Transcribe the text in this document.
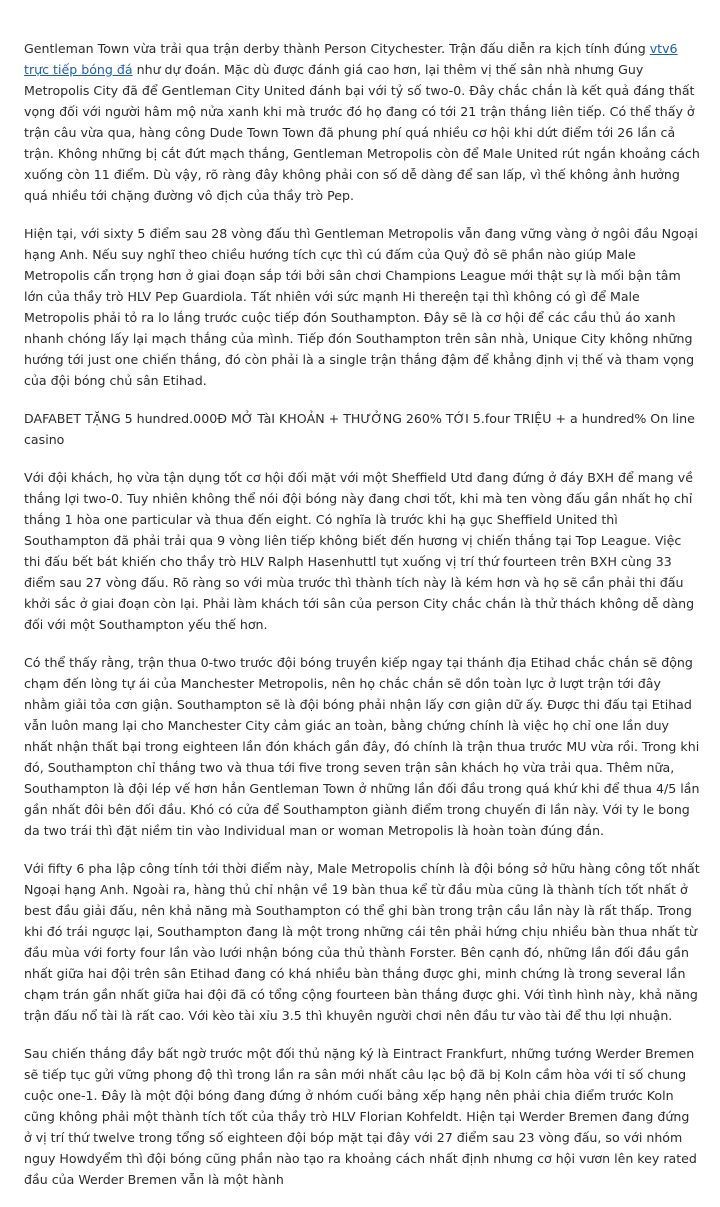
Gentleman Town vừa trải qua trận derby thành Person Citychester. Trận đấu diễn ra kịch tính đúng vtv6 trực tiếp bóng đá như dự đoán. Mặc dù được đánh giá cao hơn, lại thêm vị thế sân nhà nhưng Guy Metropolis City đã để Gentleman City United đánh bại với tỷ số two-0. Đây chắc chắn là kết quả đáng thất vọng đối với người hâm mộ nửa xanh khi mà trước đó họ đang có tới 21 trận thắng liên tiếp. Có thể thấy ở trận câu vừa qua, hàng công Dude Town Town đã phung phí quá nhiều cơ hội khi dứt điểm tới 26 lần cả trận. Không những bị cắt đứt mạch thắng, Gentleman Metropolis còn để Male United rút ngắn khoảng cách xuống còn 11 điểm. Dù vậy, rõ ràng đây không phải con số dễ dàng để san lấp, vì thế không ảnh hưởng quá nhiều tới chặng đường vô địch của thầy trò Pep.

Hiện tại, với sixty 5 điểm sau 28 vòng đấu thì Gentleman Metropolis vẫn đang vững vàng ở ngôi đầu Ngoại hạng Anh. Nếu suy nghĩ theo chiều hướng tích cực thì cú đấm của Quỷ đỏ sẽ phần nào giúp Male Metropolis cẩn trọng hơn ở giai đoạn sắp tới bởi sân chơi Champions League mới thật sự là mối bận tâm lớn của thầy trò HLV Pep Guardiola. Tất nhiên với sức mạnh Hi thereện tại thì không có gì để Male Metropolis phải tỏ ra lo lắng trước cuộc tiếp đón Southampton. Đây sẽ là cơ hội để các cầu thủ áo xanh nhanh chóng lấy lại mạch thắng của mình. Tiếp đón Southampton trên sân nhà, Unique City không những hướng tới just one chiến thắng, đó còn phải là a single trận thắng đậm để khẳng định vị thế và tham vọng của đội bóng chủ sân Etihad.

DAFABET TẶNG 5 hundred.000Đ MỞ TàI KHOẢN + THƯỞNG 260% TỚI 5.four TRIỆU + a hundred% On line casino

Với đội khách, họ vừa tận dụng tốt cơ hội đối mặt với một Sheffield Utd đang đứng ở đáy BXH để mang về thắng lợi two-0. Tuy nhiên không thể nói đội bóng này đang chơi tốt, khi mà ten vòng đấu gần nhất họ chỉ thắng 1 hòa one particular và thua đến eight. Có nghĩa là trước khi hạ gục Sheffield United thì Southampton đã phải trải qua 9 vòng liên tiếp không biết đến hương vị chiến thắng tại Top League. Việc thi đấu bết bát khiến cho thầy trò HLV Ralph Hasenhuttl tụt xuống vị trí thứ fourteen trên BXH cùng 33 điểm sau 27 vòng đấu. Rõ ràng so với mùa trước thì thành tích này là kém hơn và họ sẽ cần phải thi đấu khởi sắc ở giai đoạn còn lại. Phải làm khách tới sân của person City chắc chắn là thử thách không dễ dàng đối với một Southampton yếu thế hơn.

Có thể thấy rằng, trận thua 0-two trước đội bóng truyền kiếp ngay tại thánh địa Etihad chắc chắn sẽ động chạm đến lòng tự ái của Manchester Metropolis, nên họ chắc chắn sẽ dồn toàn lực ở lượt trận tới đây nhằm giải tỏa cơn giận. Southampton sẽ là đội bóng phải nhận lấy cơn giận dữ ấy. Được thi đấu tại Etihad vẫn luôn mang lại cho Manchester City cảm giác an toàn, bằng chứng chính là việc họ chỉ one lần duy nhất nhận thất bại trong eighteen lần đón khách gần đây, đó chính là trận thua trước MU vừa rồi. Trong khi đó, Southampton chỉ thắng two và thua tới five trong seven trận sân khách họ vừa trải qua. Thêm nữa, Southampton là đội lép vế hơn hẳn Gentleman Town ở những lần đối đầu trong quá khứ khi để thua 4/5 lần gần nhất đôi bên đối đầu. Khó có cửa để Southampton giành điểm trong chuyến đi lần này. Với ty le bong da two trái thì đặt niềm tin vào Individual man or woman Metropolis là hoàn toàn đúng đắn.

Với fifty 6 pha lập công tính tới thời điểm này, Male Metropolis chính là đội bóng sở hữu hàng công tốt nhất Ngoại hạng Anh. Ngoài ra, hàng thủ chỉ nhận về 19 bàn thua kể từ đầu mùa cũng là thành tích tốt nhất ở best đầu giải đấu, nên khả năng mà Southampton có thể ghi bàn trong trận cầu lần này là rất thấp. Trong khi đó trái ngược lại, Southampton đang là một trong những cái tên phải hứng chịu nhiều bàn thua nhất từ đầu mùa với forty four lần vào lưới nhận bóng của thủ thành Forster. Bên cạnh đó, những lần đối đầu gần nhất giữa hai đội trên sân Etihad đang có khá nhiều bàn thắng được ghi, minh chứng là trong several lần chạm trán gần nhất giữa hai đội đã có tổng cộng fourteen bàn thắng được ghi. Với tình hình này, khả năng trận đấu nổ tài là rất cao. Với kèo tài xỉu 3.5 thì khuyên người chơi nên đầu tư vào tài để thu lợi nhuận.

Sau chiến thắng đầy bất ngờ trước một đối thủ nặng ký là Eintract Frankfurt, những tướng Werder Bremen sẽ tiếp tục gửi vững phong độ thì trong lần ra sân mới nhất câu lạc bộ đã bị Koln cầm hòa với tỉ số chung cuộc one-1. Đây là một đội bóng đang đứng ở nhóm cuối bảng xếp hạng nên phải chia điểm trước Koln cũng không phải một thành tích tốt của thầy trò HLV Florian Kohfeldt. Hiện tại Werder Bremen đang đứng ở vị trí thứ twelve trong tổng số eighteen đội bóp mặt tại đây với 27 điểm sau 23 vòng đấu, so với nhóm nguy Howdyểm thì đội bóng cũng phần nào tạo ra khoảng cách nhất định nhưng cơ hội vươn lên key rated đầu của Werder Bremen vẫn là một hành
